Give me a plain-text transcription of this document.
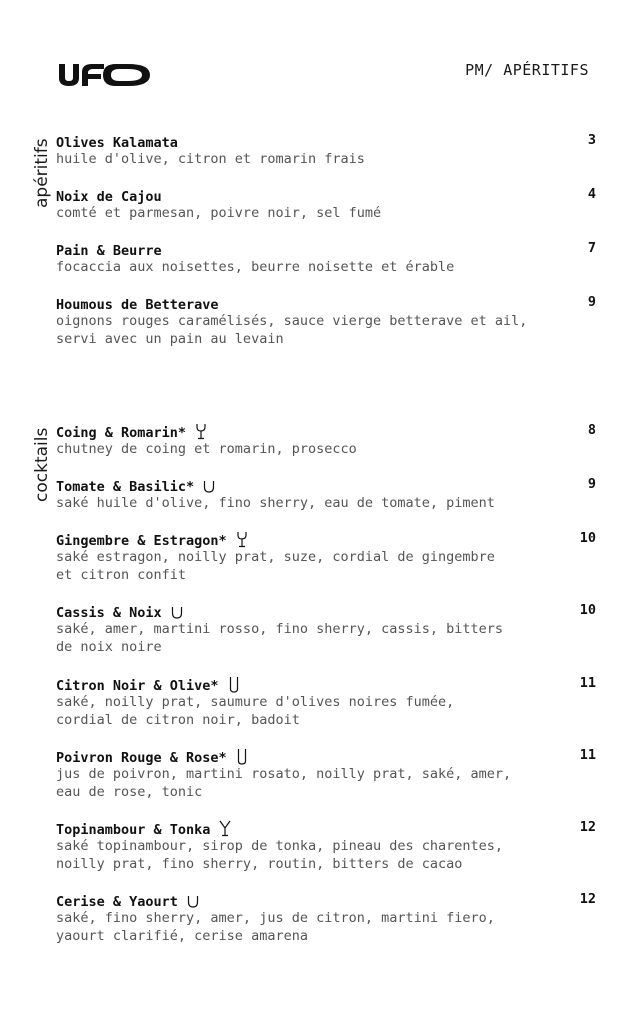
PM/ APÉRITIFS
apéritifs
cocktails
Olives Kalamata	3
huile d'olive, citron et romarin frais
Noix de Cajou	4
comté et parmesan, poivre noir, sel fumé
Pain & Beurre	7
focaccia aux noisettes, beurre noisette et érable
Houmous de Betterave	9
oignons rouges caramélisés, sauce vierge betterave et ail,
servi avec un pain au levain
Coing & Romarin*	8
chutney de coing et romarin, prosecco
Tomate & Basilic*	9
saké huile d'olive, fino sherry, eau de tomate, piment
Gingembre & Estragon*	10
saké estragon, noilly prat, suze, cordial de gingembre
et citron confit
Cassis & Noix	10
saké, amer, martini rosso, fino sherry, cassis, bitters
de noix noire
Citron Noir & Olive*	11
saké, noilly prat, saumure d'olives noires fumée,
cordial de citron noir, badoit
Poivron Rouge & Rose*	11
jus de poivron, martini rosato, noilly prat, saké, amer,
eau de rose, tonic
Topinambour & Tonka	12
saké topinambour, sirop de tonka, pineau des charentes,
noilly prat, fino sherry, routin, bitters de cacao
Cerise & Yaourt	12
saké, fino sherry, amer, jus de citron, martini fiero,
yaourt clarifié, cerise amarena
